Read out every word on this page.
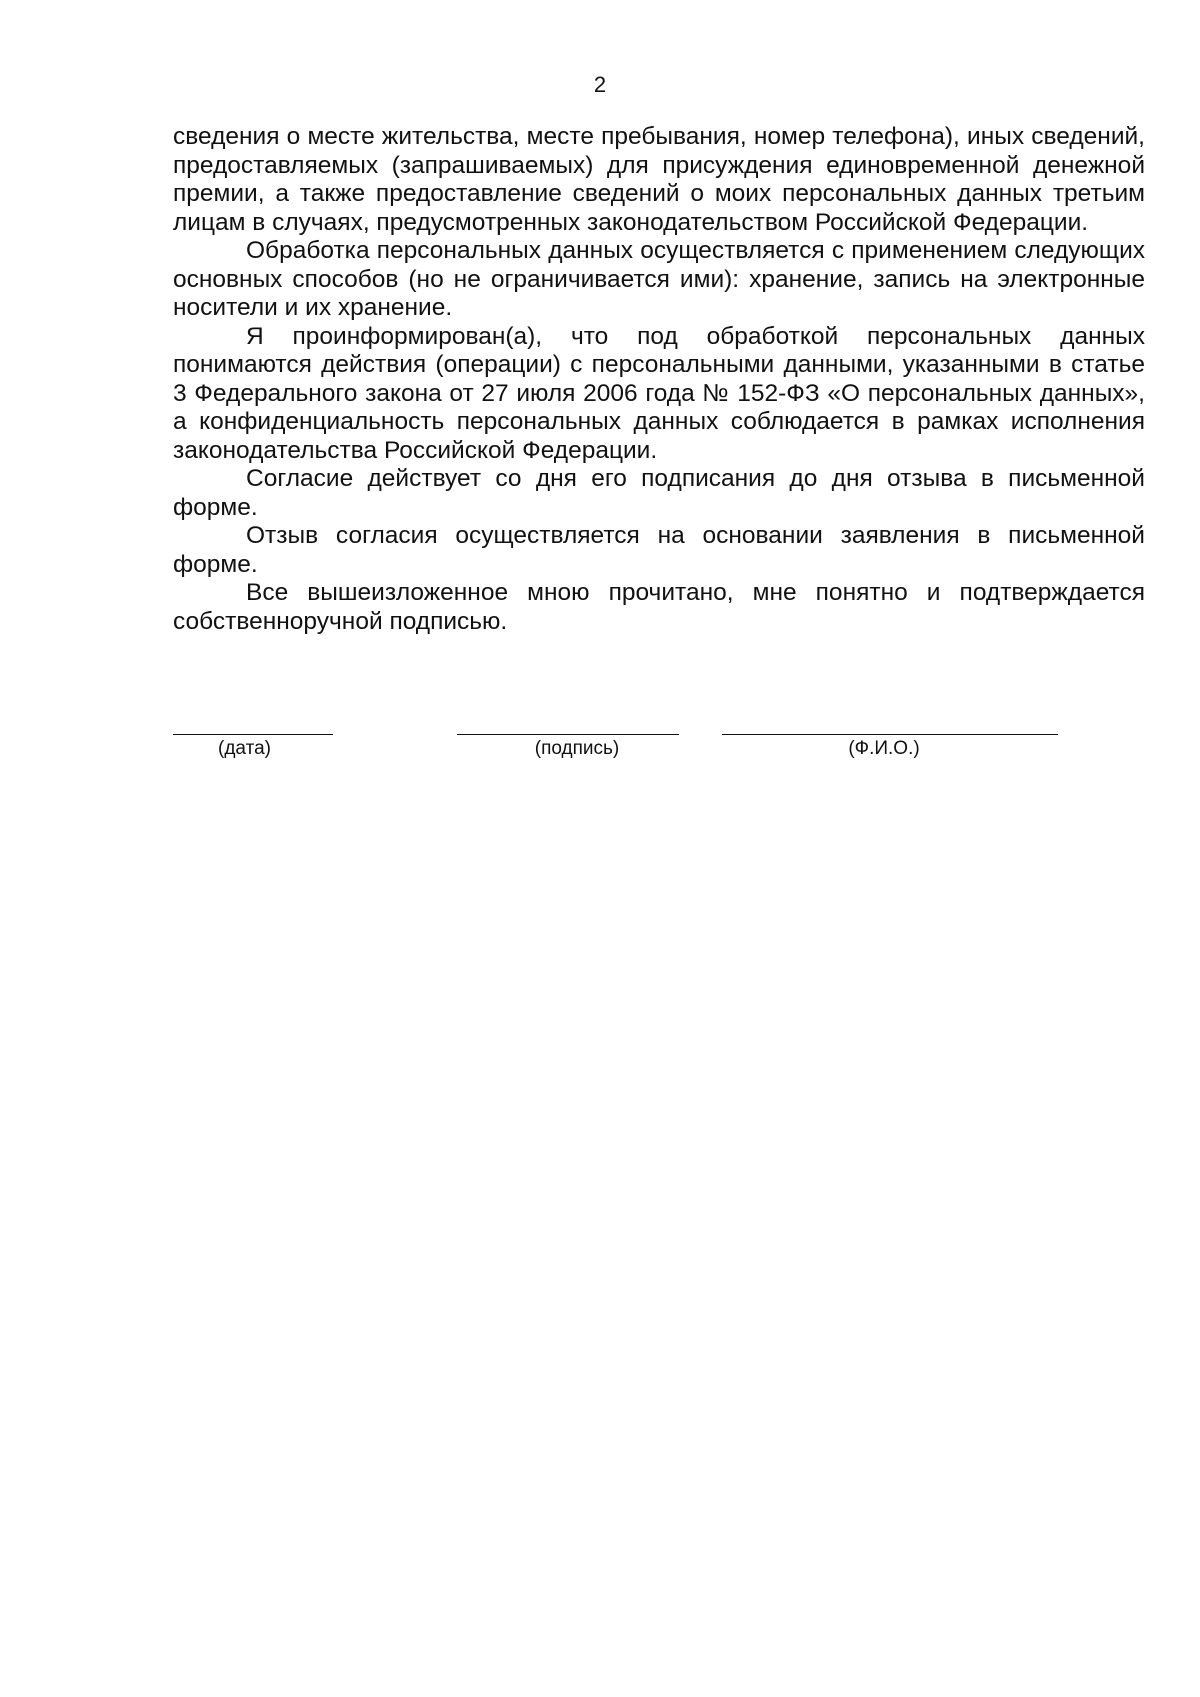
2

сведения о месте жительства, месте пребывания, номер телефона), иных сведений, предоставляемых (запрашиваемых) для присуждения единовременной денежной премии, а также предоставление сведений о моих персональных данных третьим лицам в случаях, предусмотренных законодательством Российской Федерации.

Обработка персональных данных осуществляется с применением следующих основных способов (но не ограничивается ими): хранение, запись на электронные носители и их хранение.

Я проинформирован(а), что под обработкой персональных данных понимаются действия (операции) с персональными данными, указанными в статье 3 Федерального закона от 27 июля 2006 года № 152-ФЗ «О персональных данных», а конфиденциальность персональных данных соблюдается в рамках исполнения законодательства Российской Федерации.

Согласие действует со дня его подписания до дня отзыва в письменной форме.

Отзыв согласия осуществляется на основании заявления в письменной форме.

Все вышеизложенное мною прочитано, мне понятно и подтверждается собственноручной подписью.

(дата)	(подпись)	(Ф.И.О.)
